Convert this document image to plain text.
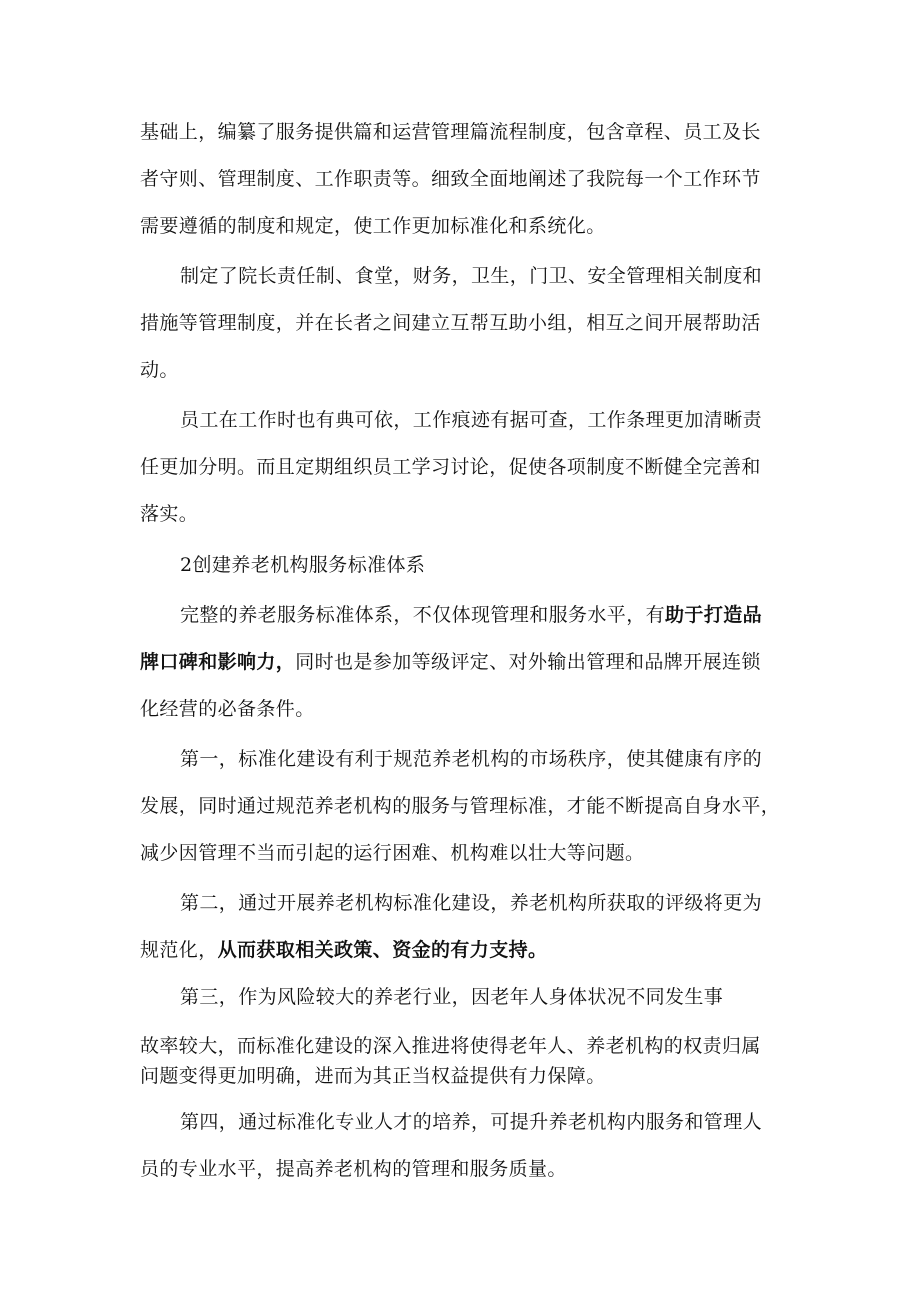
基础上，编纂了服务提供篇和运营管理篇流程制度，包含章程、员工及长
者守则、管理制度、工作职责等。细致全面地阐述了我院每一个工作环节
需要遵循的制度和规定，使工作更加标准化和系统化。
制定了院长责任制、食堂，财务，卫生，门卫、安全管理相关制度和
措施等管理制度，并在长者之间建立互帮互助小组，相互之间开展帮助活
动。
员工在工作时也有典可依，工作痕迹有据可查，工作条理更加清晰责
任更加分明。而且定期组织员工学习讨论，促使各项制度不断健全完善和
落实。
2创建养老机构服务标准体系
完整的养老服务标准体系，不仅体现管理和服务水平，有助于打造品
牌口碑和影响力，同时也是参加等级评定、对外输出管理和品牌开展连锁
化经营的必备条件。
第一，标准化建设有利于规范养老机构的市场秩序，使其健康有序的
发展，同时通过规范养老机构的服务与管理标准，才能不断提高自身水平，
减少因管理不当而引起的运行困难、机构难以壮大等问题。
第二，通过开展养老机构标准化建设，养老机构所获取的评级将更为
规范化，从而获取相关政策、资金的有力支持。
第三，作为风险较大的养老行业，因老年人身体状况不同发生事
故率较大，而标准化建设的深入推进将使得老年人、养老机构的权责归属
问题变得更加明确，进而为其正当权益提供有力保障。
第四，通过标准化专业人才的培养，可提升养老机构内服务和管理人
员的专业水平，提高养老机构的管理和服务质量。
